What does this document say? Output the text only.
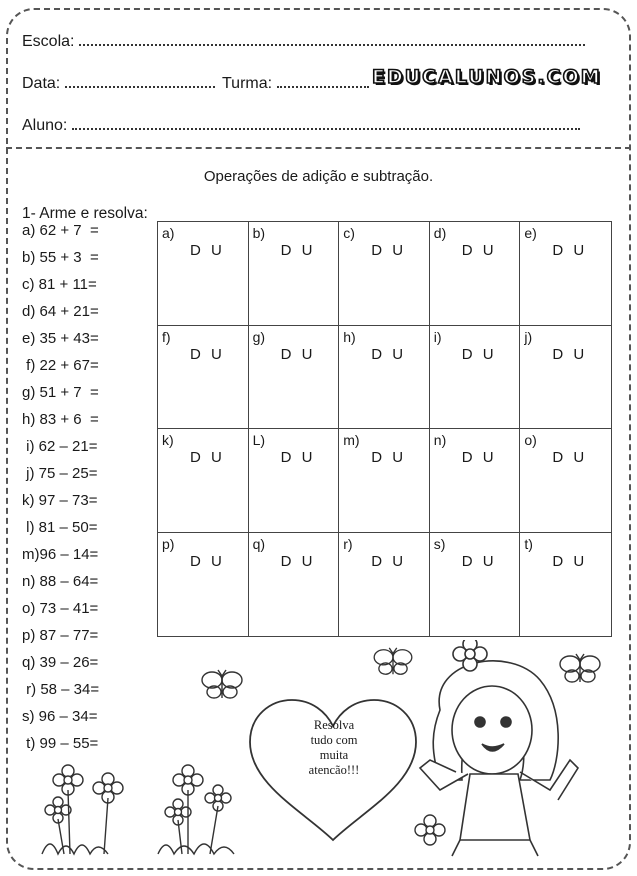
Escola:
Data:	Turma:	EDUCALUNOS.COM
Aluno:
Operações de adição e subtração.
1- Arme e resolva:
a) 62 + 7  =
b) 55 + 3  =
c) 81 + 11=
d) 64 + 21=
e) 35 + 43=
f) 22 + 67=
g) 51 + 7  =
h) 83 + 6  =
i) 62 – 21=
j) 75 – 25=
k) 97 – 73=
l) 81 – 50=
m)96 – 14=
n) 88 – 64=
o) 73 – 41=
p) 87 – 77=
q) 39 – 26=
r) 58 – 34=
s) 96 – 34=
t) 99 – 55=
a)
D U
b)
D U
c)
D U
d)
D U
e)
D U
f)
D U
g)
D U
h)
D U
i)
D U
j)
D U
k)
D U
L)
D U
m)
D U
n)
D U
o)
D U
p)
D U
q)
D U
r)
D U
s)
D U
t)
D U
Resolva
tudo com
muita
atencão!!!
